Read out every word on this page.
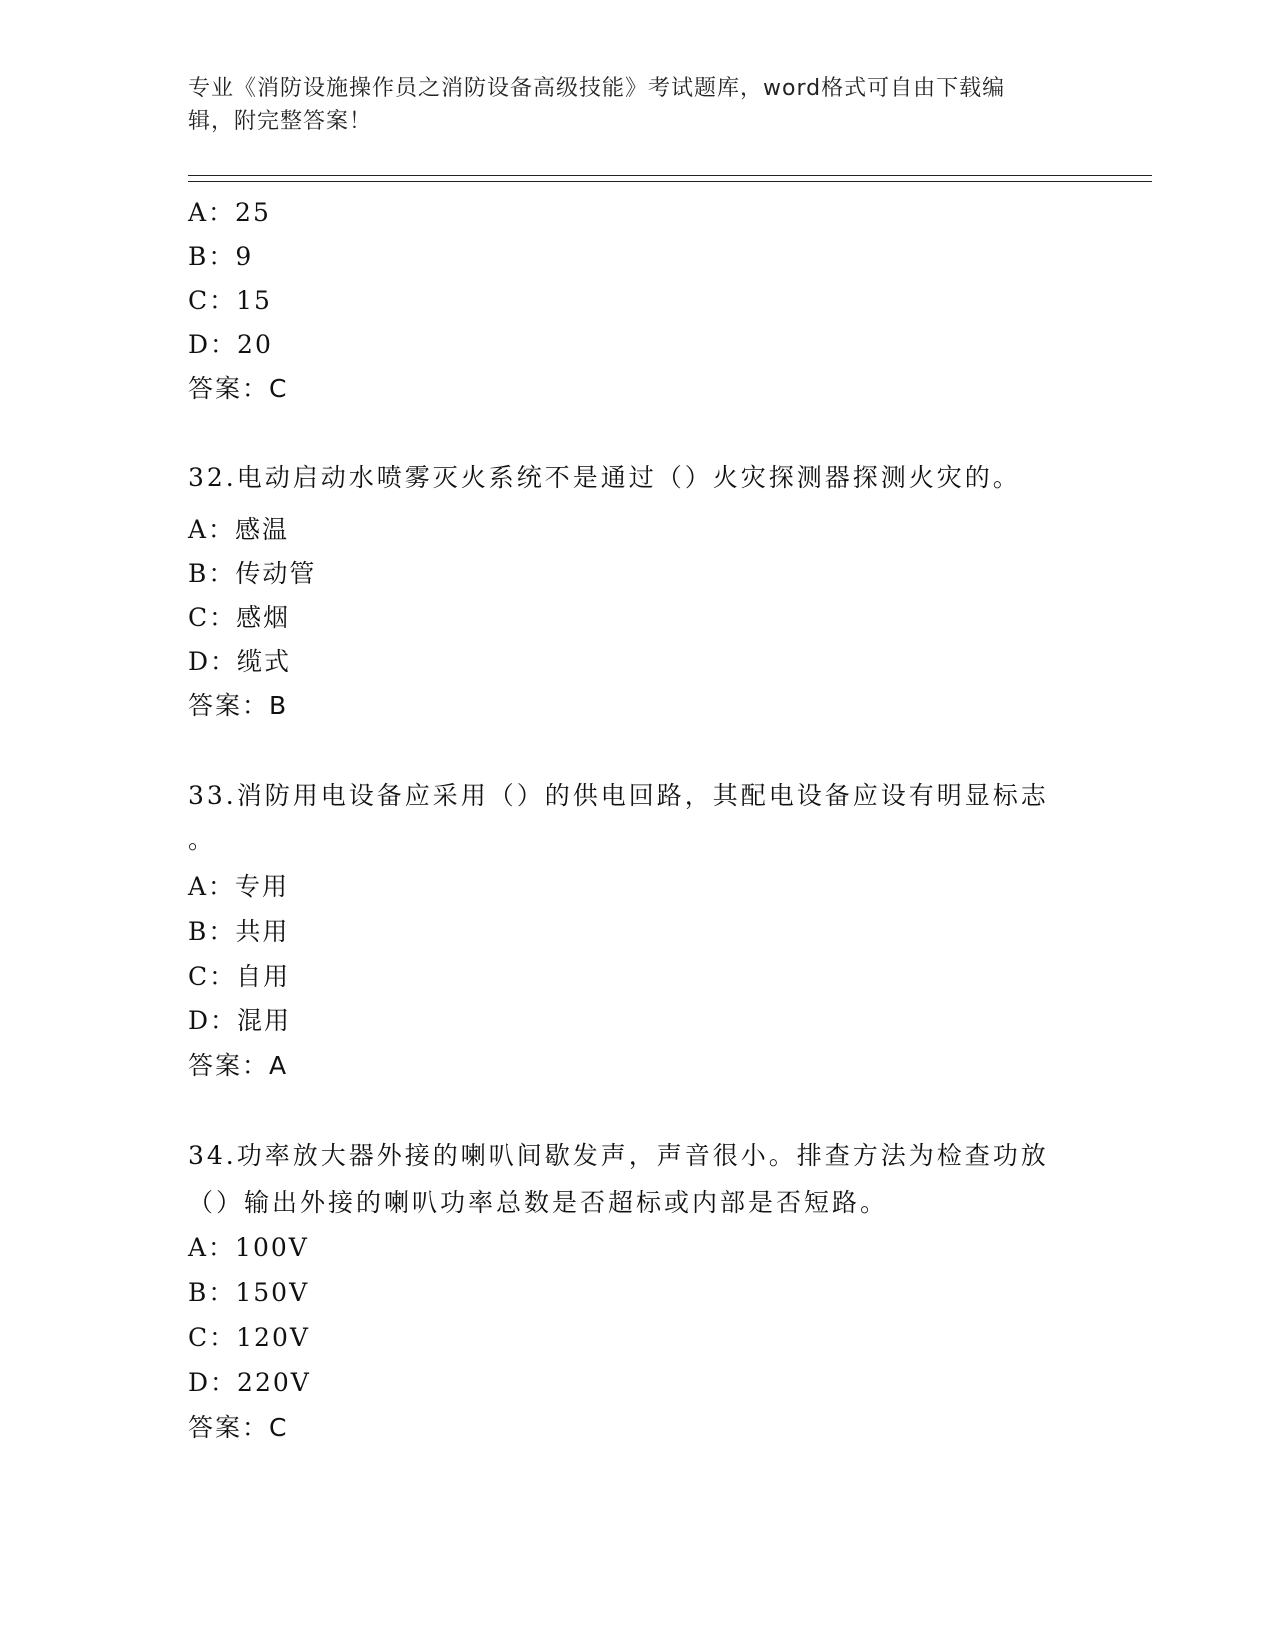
专业《消防设施操作员之消防设备高级技能》考试题库，word格式可自由下载编
辑，附完整答案！
A：25
B：9
C：15
D：20
答案：C
32.电动启动水喷雾灭火系统不是通过（）火灾探测器探测火灾的。
A：感温
B：传动管
C：感烟
D：缆式
答案：B
33.消防用电设备应采用（）的供电回路，其配电设备应设有明显标志
。
A：专用
B：共用
C：自用
D：混用
答案：A
34.功率放大器外接的喇叭间歇发声，声音很小。排查方法为检查功放
（）输出外接的喇叭功率总数是否超标或内部是否短路。
A：100V
B：150V
C：120V
D：220V
答案：C
